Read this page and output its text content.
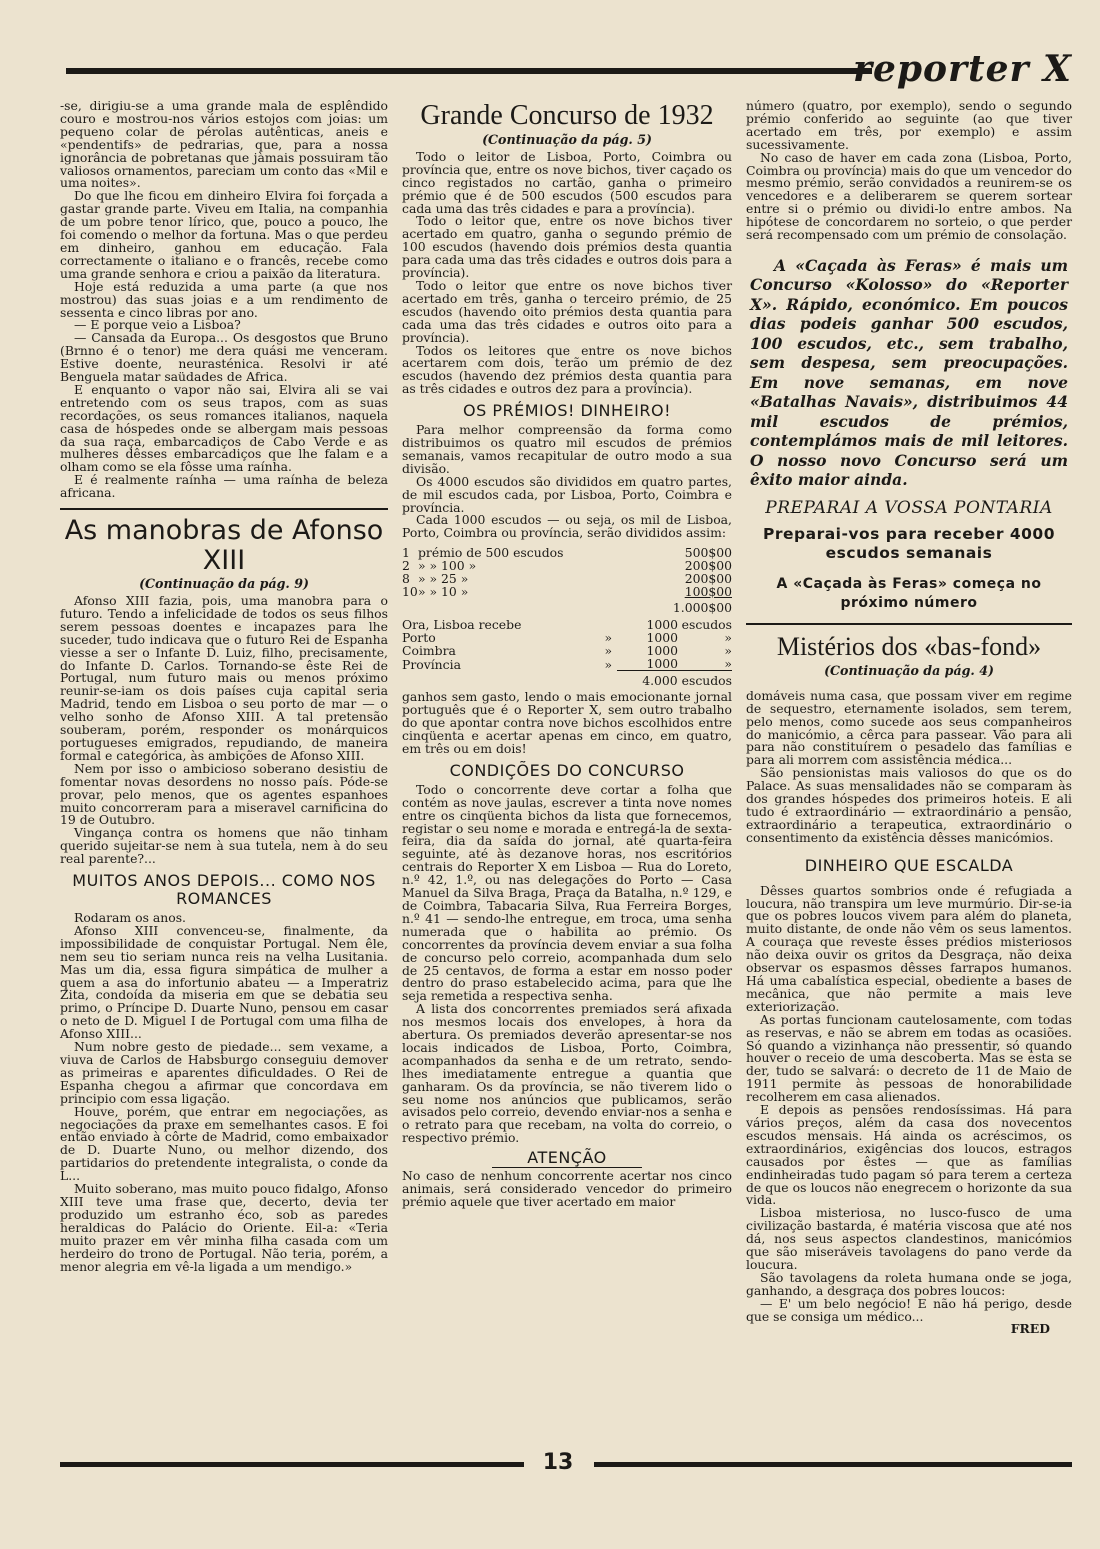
reporter X

-se, dirigiu-se a uma grande mala de esplêndido couro e mostrou-nos vários estojos com joias: um pequeno colar de pérolas autênticas, aneis e «pendentifs» de pedrarias, que, para a nossa ignorância de pobretanas que jàmais possuiram tão valiosos ornamentos, pareciam um conto das «Mil e uma noites».

Do que lhe ficou em dinheiro Elvira foi forçada a gastar grande parte. Viveu em Italia, na companhia de um pobre tenor lírico, que, pouco a pouco, lhe foi comendo o melhor da fortuna. Mas o que perdeu em dinheiro, ganhou em educação. Fala correctamente o italiano e o francês, recebe como uma grande senhora e criou a paixão da literatura.

Hoje está reduzida a uma parte (a que nos mostrou) das suas joias e a um rendimento de sessenta e cinco libras por ano.

— E porque veio a Lisboa?

— Cansada da Europa... Os desgostos que Bruno (Brnno é o tenor) me dera quási me venceram. Estive doente, neurasténica. Resolvi ir até Benguela matar saüdades de Africa.

E enquanto o vapor não sai, Elvira ali se vai entretendo com os seus trapos, com as suas recordações, os seus romances italianos, naquela casa de hóspedes onde se albergam mais pessoas da sua raça, embarcadiços de Cabo Verde e as mulheres dêsses embarcadiços que lhe falam e a olham como se ela fôsse uma raínha.

E é realmente raínha — uma raínha de beleza africana.

As manobras de Afonso XIII
(Continuação da pág. 9)

Afonso XIII fazia, pois, uma manobra para o futuro. Tendo a infelicidade de todos os seus filhos serem pessoas doentes e incapazes para lhe suceder, tudo indicava que o futuro Rei de Espanha viesse a ser o Infante D. Luiz, filho, precisamente, do Infante D. Carlos. Tornando-se êste Rei de Portugal, num futuro mais ou menos próximo reunir-se-iam os dois países cuja capital seria Madrid, tendo em Lisboa o seu porto de mar — o velho sonho de Afonso XIII. A tal pretensão souberam, porém, responder os monárquicos portugueses emigrados, repudiando, de maneira formal e categórica, às ambições de Afonso XIII.

Nem por isso o ambicioso soberano desistiu de fomentar novas desordens no nosso país. Póde-se provar, pelo menos, que os agentes espanhoes muito concorreram para a miseravel carnificina do 19 de Outubro.

Vingança contra os homens que não tinham querido sujeitar-se nem à sua tutela, nem à do seu real parente?...

MUITOS ANOS DEPOIS... COMO NOS ROMANCES

Rodaram os anos.

Afonso XIII convenceu-se, finalmente, da impossibilidade de conquistar Portugal. Nem êle, nem seu tio seriam nunca reis na velha Lusitania. Mas um dia, essa figura simpática de mulher a quem a asa do infortunio abateu — a Imperatriz Zita, condoída da miseria em que se debatia seu primo, o Príncipe D. Duarte Nuno, pensou em casar o neto de D. Miguel I de Portugal com uma filha de Afonso XIII...

Num nobre gesto de piedade... sem vexame, a viuva de Carlos de Habsburgo conseguiu demover as primeiras e aparentes dificuldades. O Rei de Espanha chegou a afirmar que concordava em principio com essa ligação.

Houve, porém, que entrar em negociações, as negociações da praxe em semelhantes casos. E foi então enviado à côrte de Madrid, como embaixador de D. Duarte Nuno, ou melhor dizendo, dos partidarios do pretendente integralista, o conde da L...

Muito soberano, mas muito pouco fidalgo, Afonso XIII teve uma frase que, decerto, devia ter produzido um estranho éco, sob as paredes heraldicas do Palácio do Oriente. Eil-a: «Teria muito prazer em vêr minha filha casada com um herdeiro do trono de Portugal. Não teria, porém, a menor alegria em vê-la ligada a um mendigo.»

Grande Concurso de 1932
(Continuação da pág. 5)

Todo o leitor de Lisboa, Porto, Coimbra ou província que, entre os nove bichos, tiver caçado os cinco registados no cartão, ganha o primeiro prémio que é de 500 escudos (500 escudos para cada uma das três cidades e para a província).

Todo o leitor que, entre os nove bichos tiver acertado em quatro, ganha o segundo prémio de 100 escudos (havendo dois prémios desta quantia para cada uma das três cidades e outros dois para a província).

Todo o leitor que entre os nove bichos tiver acertado em três, ganha o terceiro prémio, de 25 escudos (havendo oito prémios desta quantia para cada uma das três cidades e outros oito para a província).

Todos os leitores que entre os nove bichos acertarem com dois, terão um prémio de dez escudos (havendo dez prémios desta quantia para as três cidades e outros dez para a província).

OS PRÉMIOS! DINHEIRO!

Para melhor compreensão da forma como distribuimos os quatro mil escudos de prémios semanais, vamos recapitular de outro modo a sua divisão.

Os 4000 escudos são divididos em quatro partes, de mil escudos cada, por Lisboa, Porto, Coimbra e província.

Cada 1000 escudos — ou seja, os mil de Lisboa, Porto, Coimbra ou província, serão divididos assim:

1	prémio de 500 escudos	500$00
2	» » 100 »	200$00
8	» » 25 »	200$00
10	» » 10 »	100$00
		1.000$00
Ora, Lisboa recebe		1000	escudos
Porto	»	1000	»
Coimbra	»	1000	»
Província	»	1000	»
		4.000 escudos	

ganhos sem gasto, lendo o mais emocionante jornal português que é o Reporter X, sem outro trabalho do que apontar contra nove bichos escolhidos entre cinqüenta e acertar apenas em cinco, em quatro, em três ou em dois!

CONDIÇÕES DO CONCURSO

Todo o concorrente deve cortar a folha que contém as nove jaulas, escrever a tinta nove nomes entre os cinqüenta bichos da lista que fornecemos, registar o seu nome e morada e entregá-la de sexta-feira, dia da saída do jornal, até quarta-feira seguinte, até às dezanove horas, nos escritórios centrais do Reporter X em Lisboa — Rua do Loreto, n.º 42, 1.º, ou nas delegações do Porto — Casa Manuel da Silva Braga, Praça da Batalha, n.º 129, e de Coimbra, Tabacaria Silva, Rua Ferreira Borges, n.º 41 — sendo-lhe entregue, em troca, uma senha numerada que o habilita ao prémio. Os concorrentes da província devem enviar a sua folha de concurso pelo correio, acompanhada dum selo de 25 centavos, de forma a estar em nosso poder dentro do praso estabelecido acima, para que lhe seja remetida a respectiva senha.

A lista dos concorrentes premiados será afixada nos mesmos locais dos envelopes, à hora da abertura. Os premiados deverão apresentar-se nos locais indicados de Lisboa, Porto, Coimbra, acompanhados da senha e de um retrato, sendo-lhes imediatamente entregue a quantia que ganharam. Os da província, se não tiverem lido o seu nome nos anúncios que publicamos, serão avisados pelo correio, devendo enviar-nos a senha e o retrato para que recebam, na volta do correio, o respectivo prémio.

ATENÇÃO

No caso de nenhum concorrente acertar nos cinco animais, será considerado vencedor do primeiro prémio aquele que tiver acertado em maior

número (quatro, por exemplo), sendo o segundo prémio conferido ao seguinte (ao que tiver acertado em três, por exemplo) e assim sucessivamente.

No caso de haver em cada zona (Lisboa, Porto, Coimbra ou província) mais do que um vencedor do mesmo prémio, serão convidados a reunirem-se os vencedores e a deliberarem se querem sortear entre si o prémio ou dividi-lo entre ambos. Na hipótese de concordarem no sorteio, o que perder será recompensado com um prémio de consolação.

A «Caçada às Feras» é mais um Concurso «Kolosso» do «Reporter X». Rápido, económico. Em poucos dias podeis ganhar 500 escudos, 100 escudos, etc., sem trabalho, sem despesa, sem preocupações. Em nove semanas, em nove «Batalhas Navais», distribuimos 44 mil escudos de prémios, contemplámos mais de mil leitores. O nosso novo Concurso será um êxito maior ainda.

PREPARAI A VOSSA PONTARIA
Preparai-vos para receber 4000 escudos semanais
A «Caçada às Feras» começa no próximo número
Mistérios dos «bas-fond»
(Continuação da pág. 4)

domáveis numa casa, que possam viver em regime de sequestro, eternamente isolados, sem terem, pelo menos, como sucede aos seus companheiros do manicómio, a cêrca para passear. Vão para ali para não constituírem o pesadelo das famílias e para ali morrem com assistência médica...

São pensionistas mais valiosos do que os do Palace. As suas mensalidades não se comparam às dos grandes hóspedes dos primeiros hoteis. E ali tudo é extraordinário — extraordinário a pensão, extraordinário a terapeutica, extraordinário o consentimento da existência dêsses manicómios.

DINHEIRO QUE ESCALDA

Dêsses quartos sombrios onde é refugiada a loucura, não transpira um leve murmúrio. Dir-se-ia que os pobres loucos vivem para além do planeta, muito distante, de onde não vêm os seus lamentos. A couraça que reveste êsses prédios misteriosos não deixa ouvir os gritos da Desgraça, não deixa observar os espasmos dêsses farrapos humanos. Há uma cabalística especial, obediente a bases de mecânica, que não permite a mais leve exteriorização.

As portas funcionam cautelosamente, com todas as reservas, e não se abrem em todas as ocasiões. Só quando a vizinhança não pressentir, só quando houver o receio de uma descoberta. Mas se esta se der, tudo se salvará: o decreto de 11 de Maio de 1911 permite às pessoas de honorabilidade recolherem em casa alienados.

E depois as pensões rendosíssimas. Há para vários preços, além da casa dos novecentos escudos mensais. Há ainda os acréscimos, os extraordinários, exigências dos loucos, estragos causados por êstes — que as famílias endinheiradas tudo pagam só para terem a certeza de que os loucos não enegrecem o horizonte da sua vida.

Lisboa misteriosa, no lusco-fusco de uma civilização bastarda, é matéria viscosa que até nos dá, nos seus aspectos clandestinos, manicómios que são miseráveis tavolagens do pano verde da loucura.

São tavolagens da roleta humana onde se joga, ganhando, a desgraça dos pobres loucos:

— E' um belo negócio! E não há perigo, desde que se consiga um médico...

FRED
13
